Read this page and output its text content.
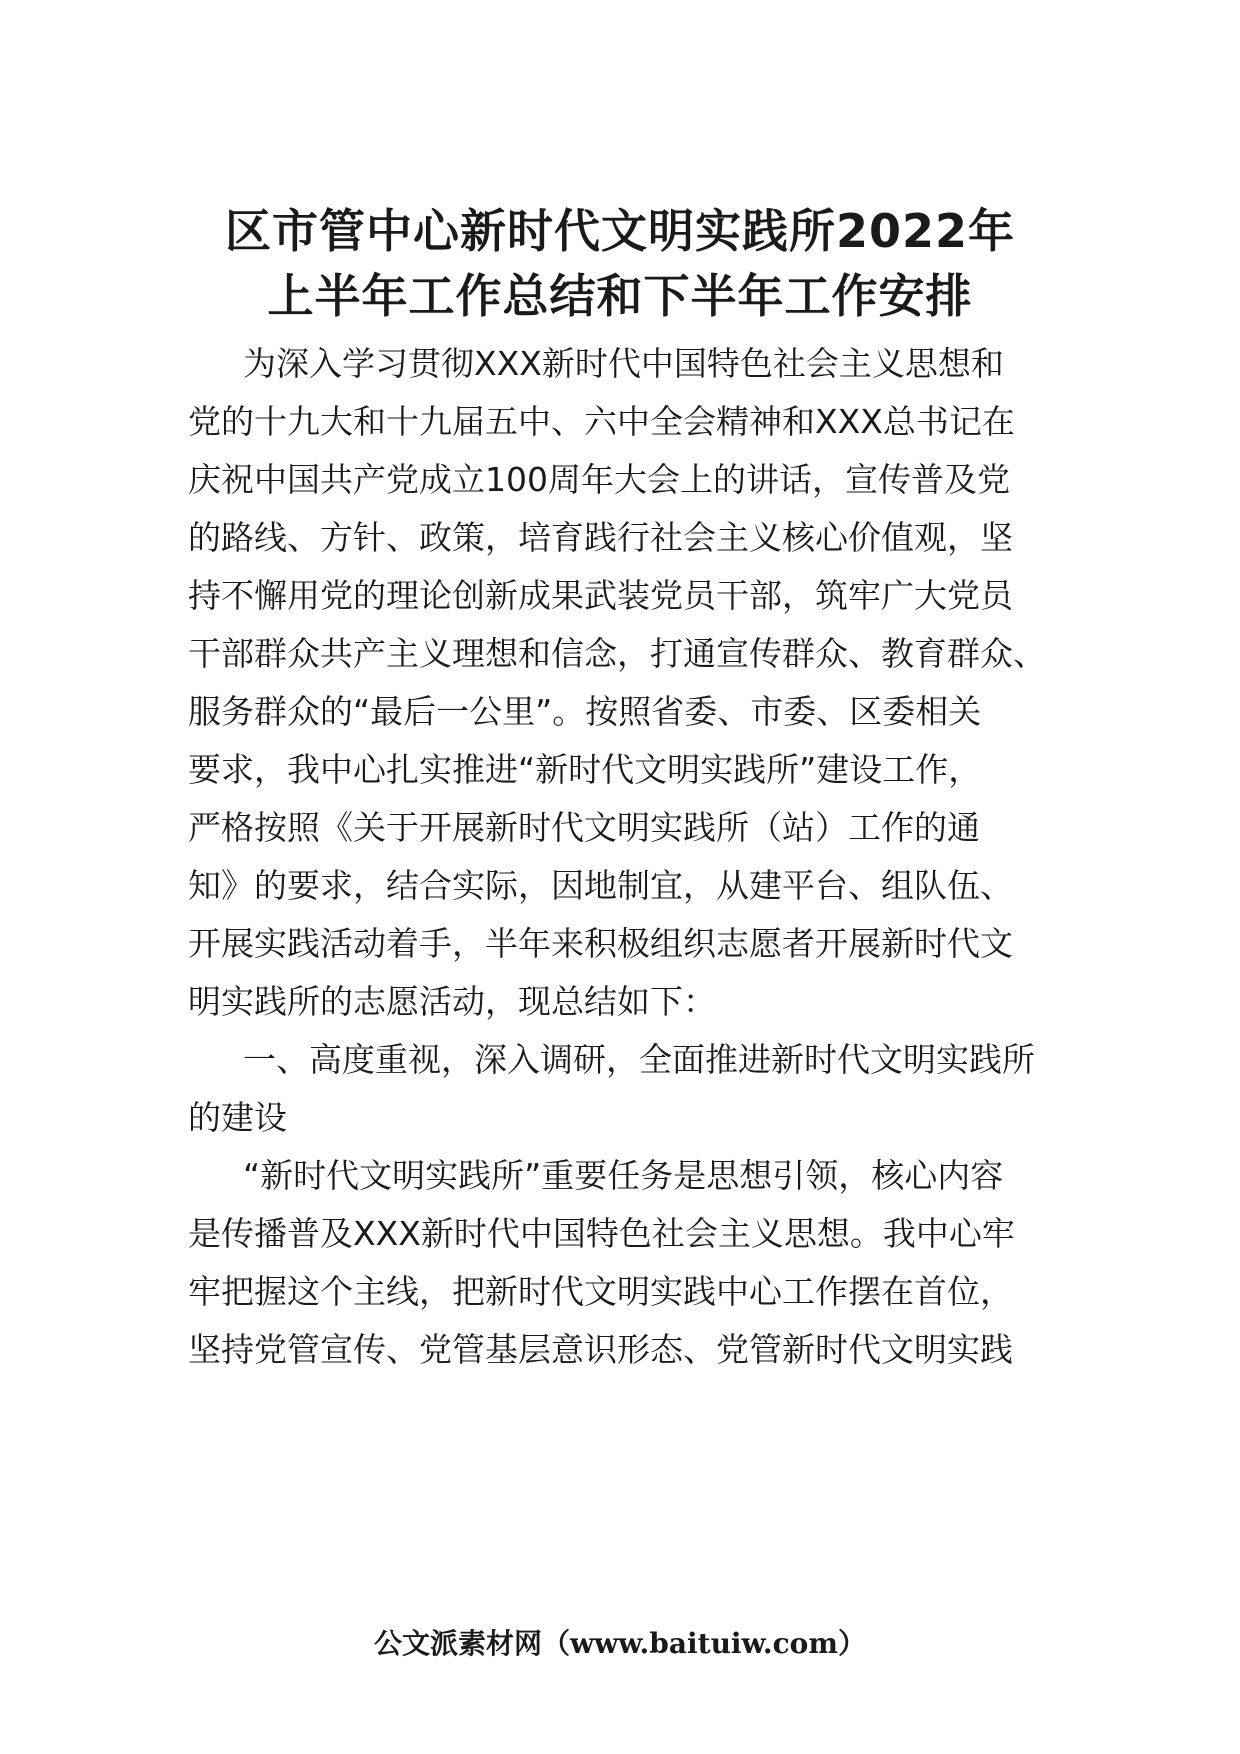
区市管中心新时代文明实践所2022年
上半年工作总结和下半年工作安排
为深入学习贯彻XXX新时代中国特色社会主义思想和
党的十九大和十九届五中、六中全会精神和XXX总书记在
庆祝中国共产党成立100周年大会上的讲话，宣传普及党
的路线、方针、政策，培育践行社会主义核心价值观，坚
持不懈用党的理论创新成果武装党员干部，筑牢广大党员
干部群众共产主义理想和信念，打通宣传群众、教育群众、
服务群众的“最后一公里”。按照省委、市委、区委相关
要求，我中心扎实推进“新时代文明实践所”建设工作，
严格按照《关于开展新时代文明实践所（站）工作的通
知》的要求，结合实际，因地制宜，从建平台、组队伍、
开展实践活动着手，半年来积极组织志愿者开展新时代文
明实践所的志愿活动，现总结如下：
一、高度重视，深入调研，全面推进新时代文明实践所
的建设
“新时代文明实践所”重要任务是思想引领，核心内容
是传播普及XXX新时代中国特色社会主义思想。我中心牢
牢把握这个主线，把新时代文明实践中心工作摆在首位，
坚持党管宣传、党管基层意识形态、党管新时代文明实践
公文派素材网（www.baituiw.com）
